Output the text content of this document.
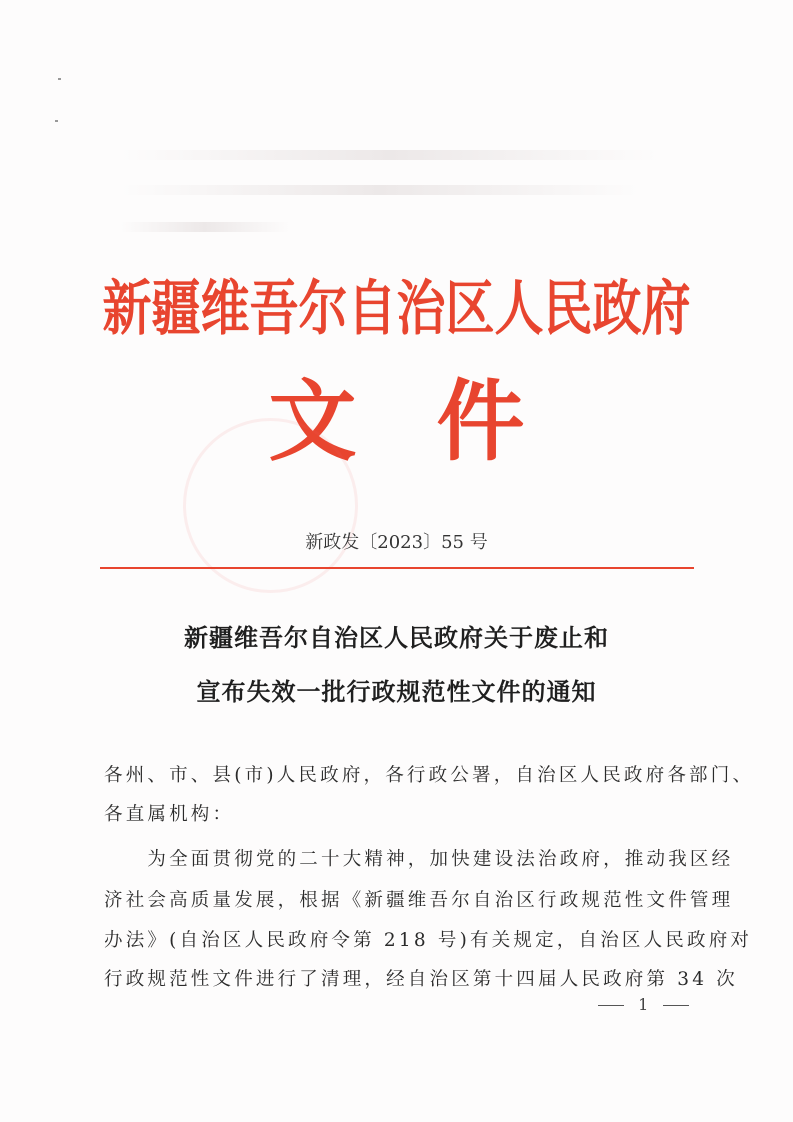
新疆维吾尔自治区人民政府
文 件
新政发〔2023〕55 号
新疆维吾尔自治区人民政府关于废止和
宣布失效一批行政规范性文件的通知
各州、市、县(市)人民政府，各行政公署，自治区人民政府各部门、
各直属机构：
　　为全面贯彻党的二十大精神，加快建设法治政府，推动我区经
济社会高质量发展，根据《新疆维吾尔自治区行政规范性文件管理
办法》(自治区人民政府令第 218 号)有关规定，自治区人民政府对
行政规范性文件进行了清理，经自治区第十四届人民政府第 34 次
1
